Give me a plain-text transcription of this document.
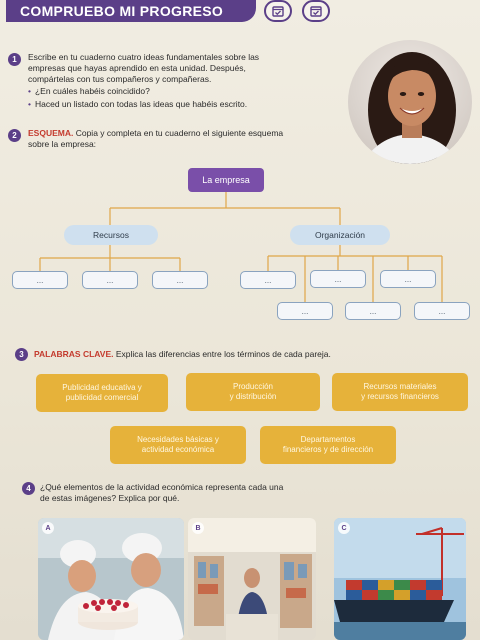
COMPRUEBO MI PROGRESO
1	Escribe en tu cuaderno cuatro ideas fundamentales sobre las
empresas que hayas aprendido en esta unidad. Después,
compártelas con tus compañeros y compañeras.
• ¿En cuáles habéis coincidido?
• Haced un listado con todas las ideas que habéis escrito.
2	ESQUEMA. Copia y completa en tu cuaderno el siguiente esquema
sobre la empresa:
La empresa
Recursos	Organización
...	...	...	...	...	...
...	...	...
3	PALABRAS CLAVE. Explica las diferencias entre los términos de cada pareja.
Publicidad educativa y
publicidad comercial
Producción
y distribución
Recursos materiales
y recursos financieros
Necesidades básicas y
actividad económica
Departamentos
financieros y de dirección
4	¿Qué elementos de la actividad económica representa cada una
de estas imágenes? Explica por qué.
A	B	C
